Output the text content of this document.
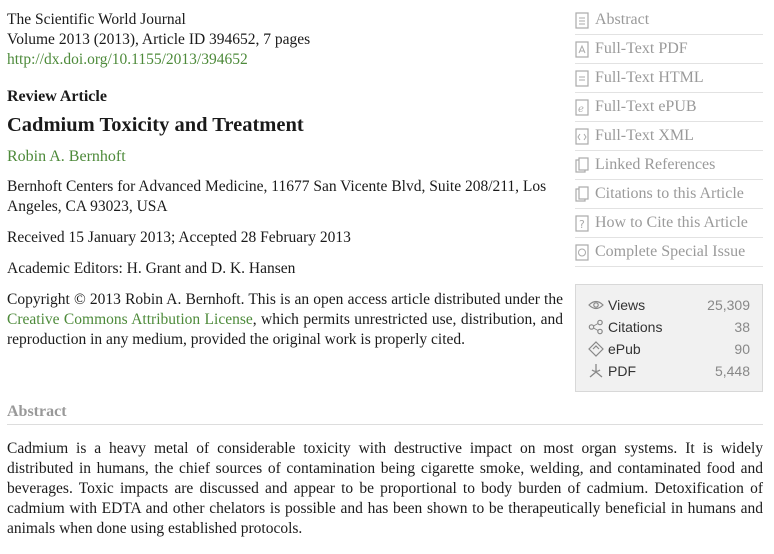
The Scientific World Journal

Volume 2013 (2013), Article ID 394652, 7 pages

http://dx.doi.org/10.1155/2013/394652

Review Article
Cadmium Toxicity and Treatment
Robin A. Bernhoft
Bernhoft Centers for Advanced Medicine, 11677 San Vicente Blvd, Suite 208/211, Los Angeles, CA 93023, USA
Received 15 January 2013; Accepted 28 February 2013
Academic Editors: H. Grant and D. K. Hansen
Copyright © 2013 Robin A. Bernhoft. This is an open access article distributed under the Creative Commons Attribution License, which permits unrestricted use, distribution, and reproduction in any medium, provided the original work is properly cited.
Abstract
Cadmium is a heavy metal of considerable toxicity with destructive impact on most organ systems. It is widely distributed in humans, the chief sources of contamination being cigarette smoke, welding, and contaminated food and beverages. Toxic impacts are discussed and appear to be proportional to body burden of cadmium. Detoxification of cadmium with EDTA and other chelators is possible and has been shown to be therapeutically beneficial in humans and animals when done using established protocols.
Abstract
Full-Text PDF
Full-Text HTML
e Full-Text ePUB
Full-Text XML
Linked References
Citations to this Article
? How to Cite this Article
Complete Special Issue
Views	25,309
Citations	38
ePub	90
PDF	5,448
